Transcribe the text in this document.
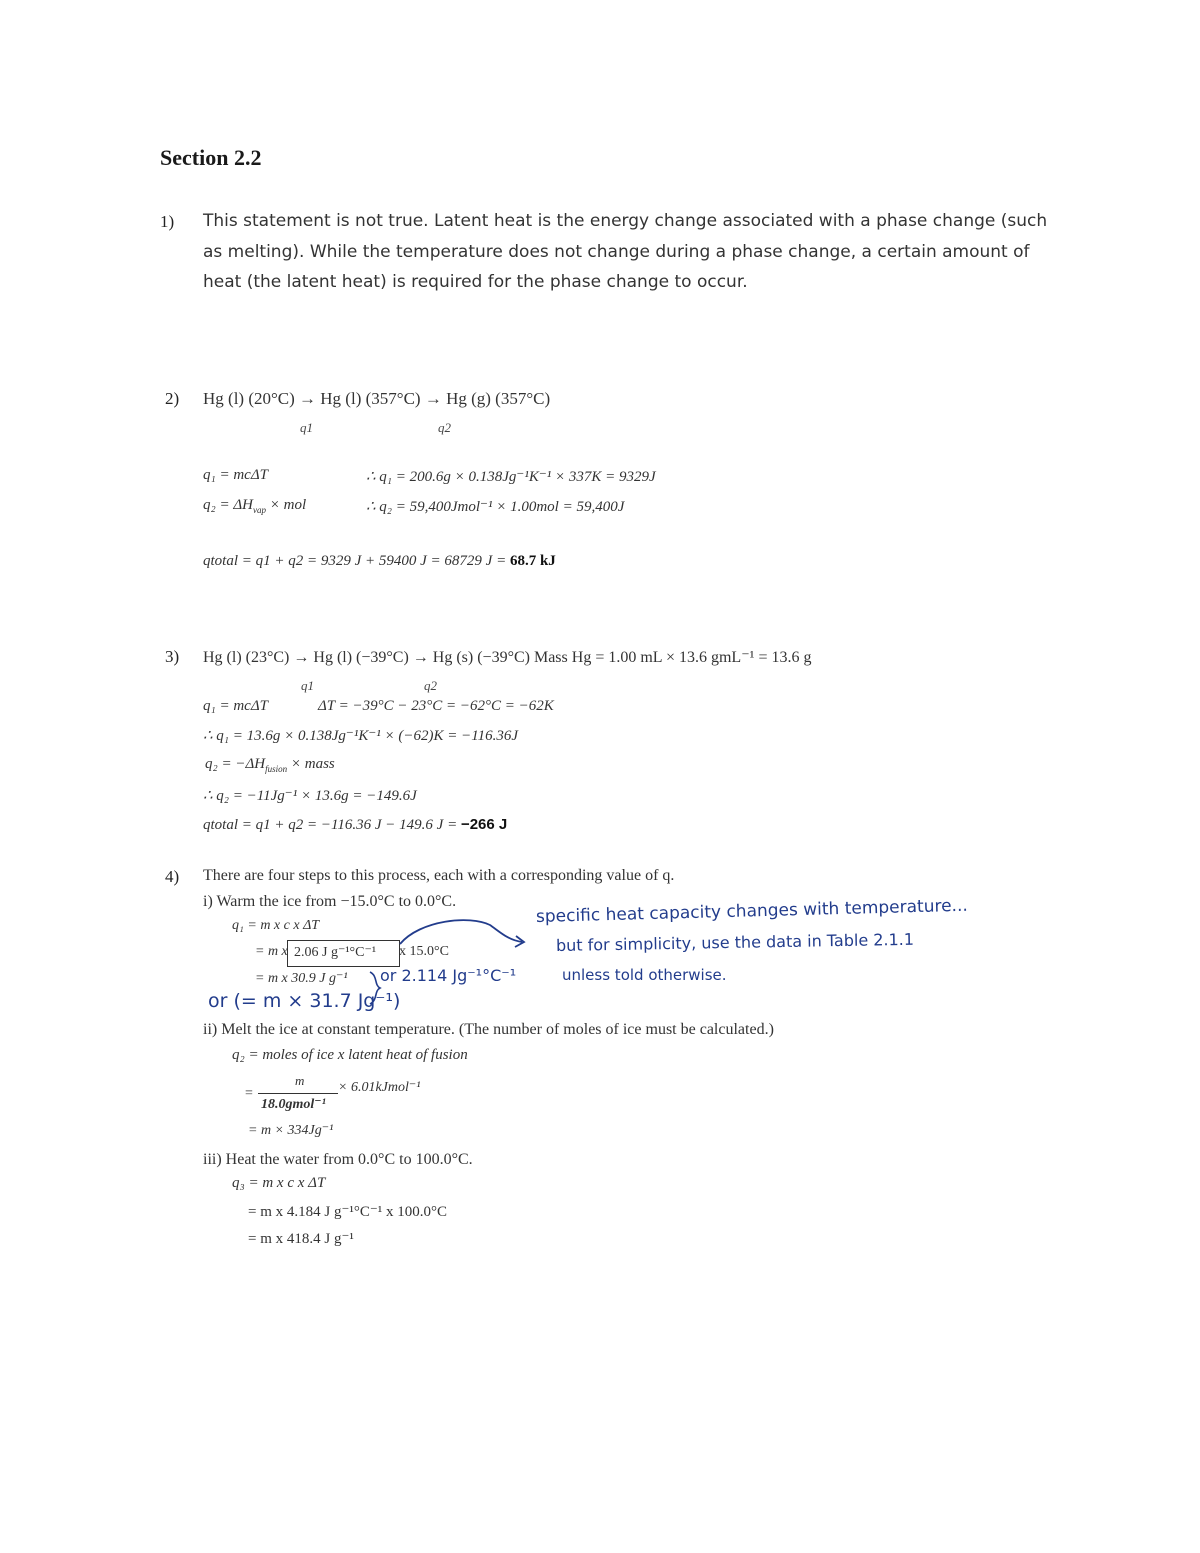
Section 2.2
1) This statement is not true. Latent heat is the energy change associated with a phase change (such
as melting). While the temperature does not change during a phase change, a certain amount of
heat (the latent heat) is required for the phase change to occur.
2) Hg (l) (20°C) → Hg (l) (357°C) → Hg (g) (357°C)
q1	q2
q₁ = mcΔT	∴ q₁ = 200.6g × 0.138Jg⁻¹K⁻¹ × 337K = 9329J
$q_2 = \Delta H_{vap}$ × mol	∴ q₂ = 59,400Jmol⁻¹ × 1.00mol = 59,400J
qtotal = q1 + q2 = 9329 J + 59400 J = 68729 J = 68.7 kJ
3) Hg (l) (23°C) → Hg (l) (−39°C) → Hg (s) (−39°C) Mass Hg = 1.00 mL × 13.6 gmL⁻¹ = 13.6 g
q1	q2
q₁ = mcΔT	ΔT = −39°C − 23°C = −62°C = −62K
∴ q₁ = 13.6g × 0.138Jg⁻¹K⁻¹ × (−62)K = −116.36J
$q_2 = -\Delta H_{fusion}$ × mass
∴ q₂ = −11Jg⁻¹ × 13.6g = −149.6J
qtotal = q1 + q2 = −116.36 J − 149.6 J = −266 J
4) There are four steps to this process, each with a corresponding value of q.
i) Warm the ice from −15.0°C to 0.0°C.
q₁ = m x c x ΔT
= m x 2.06 J g⁻¹°C⁻¹ x 15.0°C
= m x 30.9 J g⁻¹
ii) Melt the ice at constant temperature. (The number of moles of ice must be calculated.)
q₂ = moles of ice x latent heat of fusion
m
=	× 6.01kJmol⁻¹
18.0gmol⁻¹
= m × 334Jg⁻¹
iii) Heat the water from 0.0°C to 100.0°C.
q₃ = m x c x ΔT
= m x 4.184 J g⁻¹°C⁻¹ x 100.0°C
= m x 418.4 J g⁻¹
specific heat capacity changes with temperature...
but for simplicity, use the data in Table 2.1.1
or 2.114 Jg⁻¹°C⁻¹	unless told otherwise.
or (= m × 31.7 Jg⁻¹)
